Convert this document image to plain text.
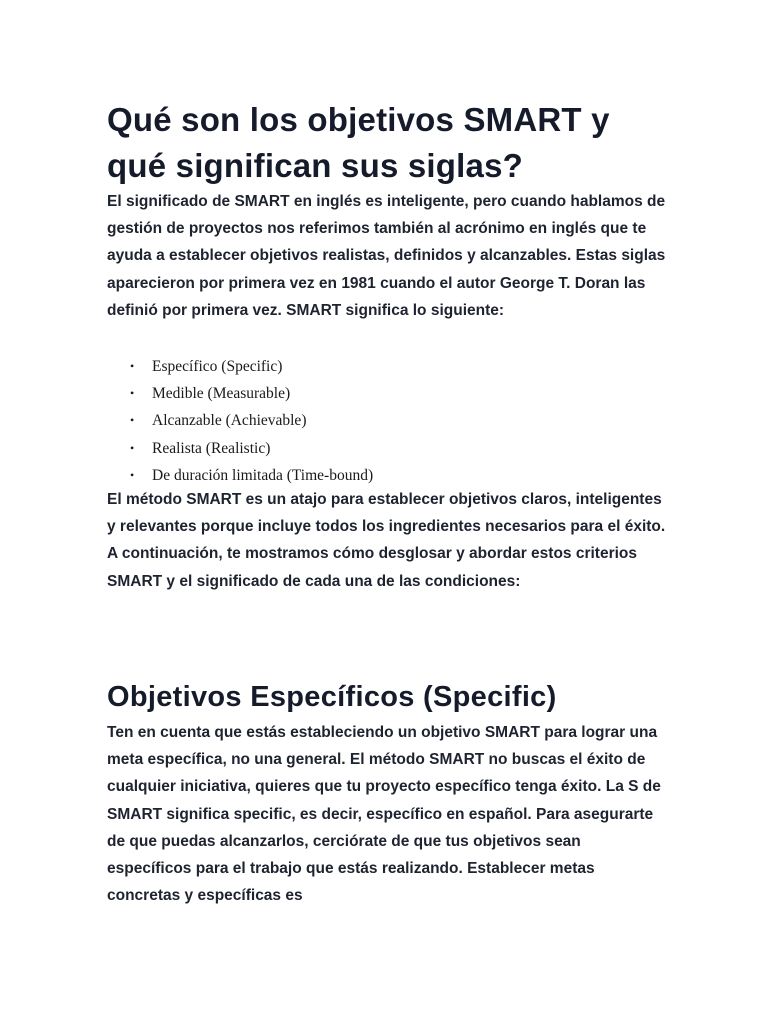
Qué son los objetivos SMART y qué significan sus siglas?

El significado de SMART en inglés es inteligente, pero cuando hablamos de gestión de proyectos nos referimos también al acrónimo en inglés que te ayuda a establecer objetivos realistas, definidos y alcanzables. Estas siglas aparecieron por primera vez en 1981 cuando el autor George T. Doran las definió por primera vez. SMART significa lo siguiente:

• Específico (Specific)
• Medible (Measurable)
• Alcanzable (Achievable)
• Realista (Realistic)
• De duración limitada (Time-bound)

El método SMART es un atajo para establecer objetivos claros, inteligentes y relevantes porque incluye todos los ingredientes necesarios para el éxito. A continuación, te mostramos cómo desglosar y abordar estos criterios SMART y el significado de cada una de las condiciones:

Objetivos Específicos (Specific)

Ten en cuenta que estás estableciendo un objetivo SMART para lograr una meta específica, no una general. El método SMART no buscas el éxito de cualquier iniciativa, quieres que tu proyecto específico tenga éxito. La S de SMART significa specific, es decir, específico en español. Para asegurarte de que puedas alcanzarlos, cerciórate de que tus objetivos sean específicos para el trabajo que estás realizando. Establecer metas concretas y específicas es
